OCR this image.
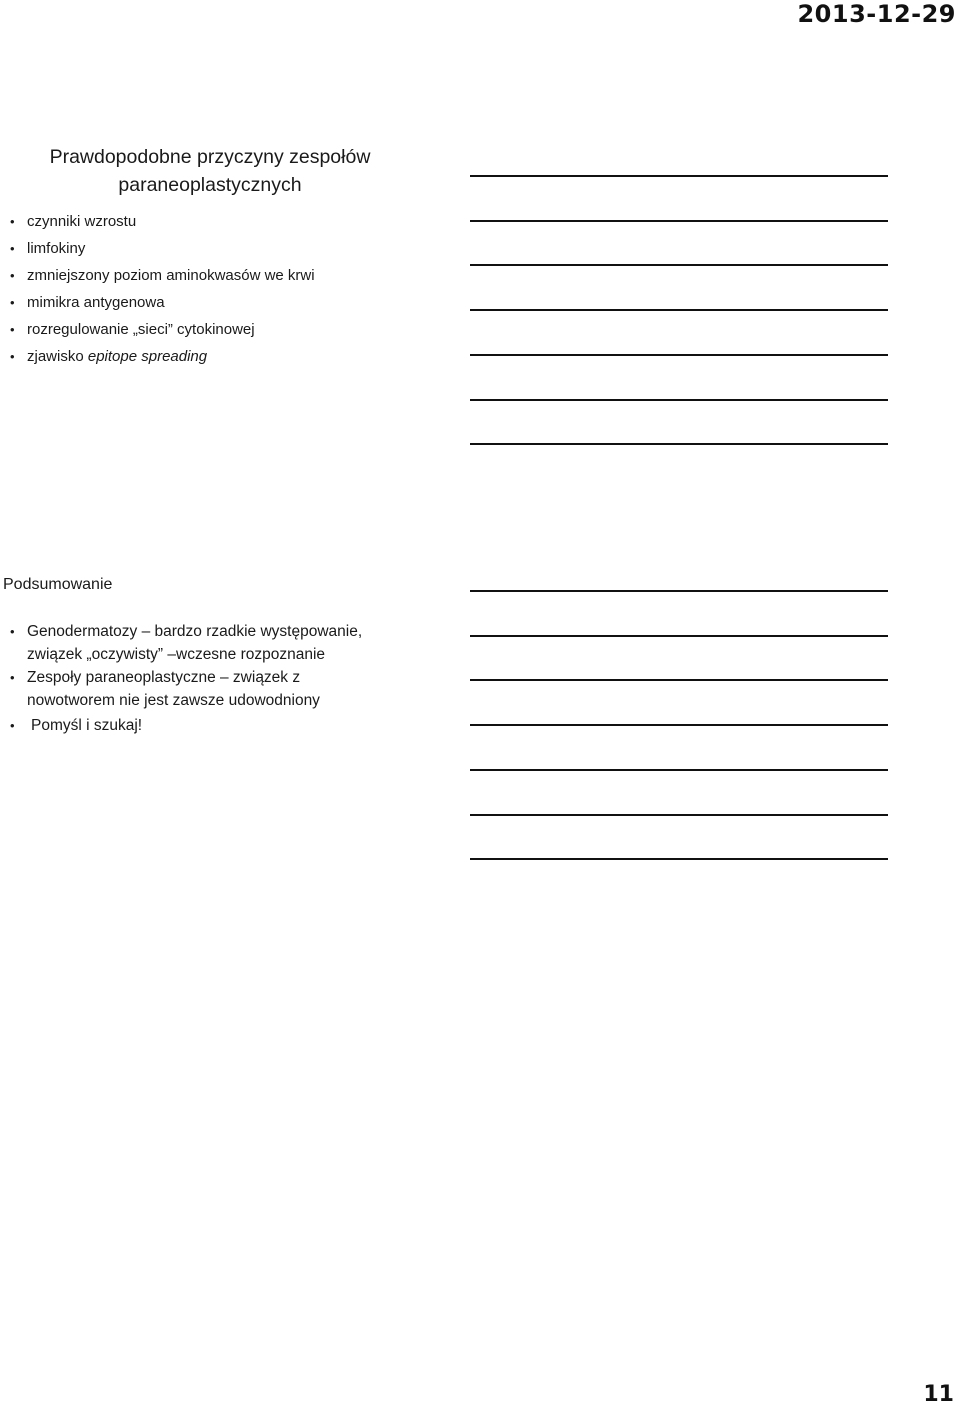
2013-12-29
Prawdopodobne przyczyny zespołów
paraneoplastycznych
• czynniki wzrostu
• limfokiny
• zmniejszony poziom aminokwasów we krwi
• mimikra antygenowa
• rozregulowanie „sieci” cytokinowej
• zjawisko epitope spreading
Podsumowanie
• Genodermatozy – bardzo rzadkie występowanie, związek „oczywisty” –wczesne rozpoznanie
• Zespoły paraneoplastyczne – związek z nowotworem nie jest zawsze udowodniony
• Pomyśl i szukaj!
11
